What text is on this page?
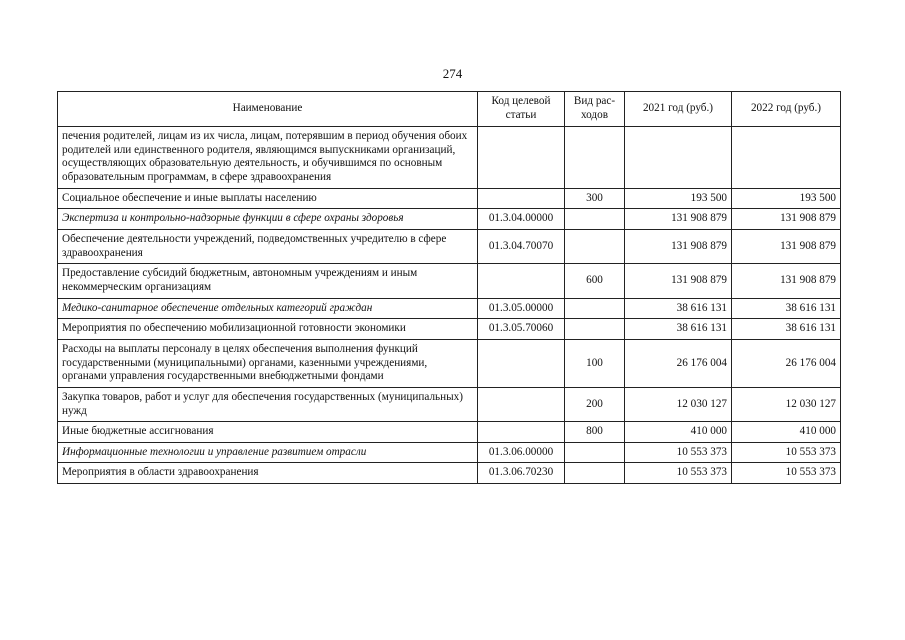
274
Наименование	Код целевой статьи	Вид рас-ходов	2021 год (руб.)	2022 год (руб.)
печения родителей, лицам из их числа, лицам, потерявшим в период обучения обоих родителей или единственного родителя, являющимся выпускниками организаций, осуществляющих образовательную деятельность, и обучившимся по основным образовательным программам, в сфере здравоохранения				
Социальное обеспечение и иные выплаты населению		300	193 500	193 500
Экспертиза и контрольно-надзорные функции в сфере охраны здоровья	01.3.04.00000		131 908 879	131 908 879
Обеспечение деятельности учреждений, подведомственных учредителю в сфере здравоохранения	01.3.04.70070		131 908 879	131 908 879
Предоставление субсидий бюджетным, автономным учреждениям и иным некоммерческим организациям		600	131 908 879	131 908 879
Медико-санитарное обеспечение отдельных категорий граждан	01.3.05.00000		38 616 131	38 616 131
Мероприятия по обеспечению мобилизационной готовности экономики	01.3.05.70060		38 616 131	38 616 131
Расходы на выплаты персоналу в целях обеспечения выполнения функций государственными (муниципальными) органами, казенными учреждениями, органами управления государственными внебюджетными фондами		100	26 176 004	26 176 004
Закупка товаров, работ и услуг для обеспечения государственных (муниципальных) нужд		200	12 030 127	12 030 127
Иные бюджетные ассигнования		800	410 000	410 000
Информационные технологии и управление развитием отрасли	01.3.06.00000		10 553 373	10 553 373
Мероприятия в области здравоохранения	01.3.06.70230		10 553 373	10 553 373
